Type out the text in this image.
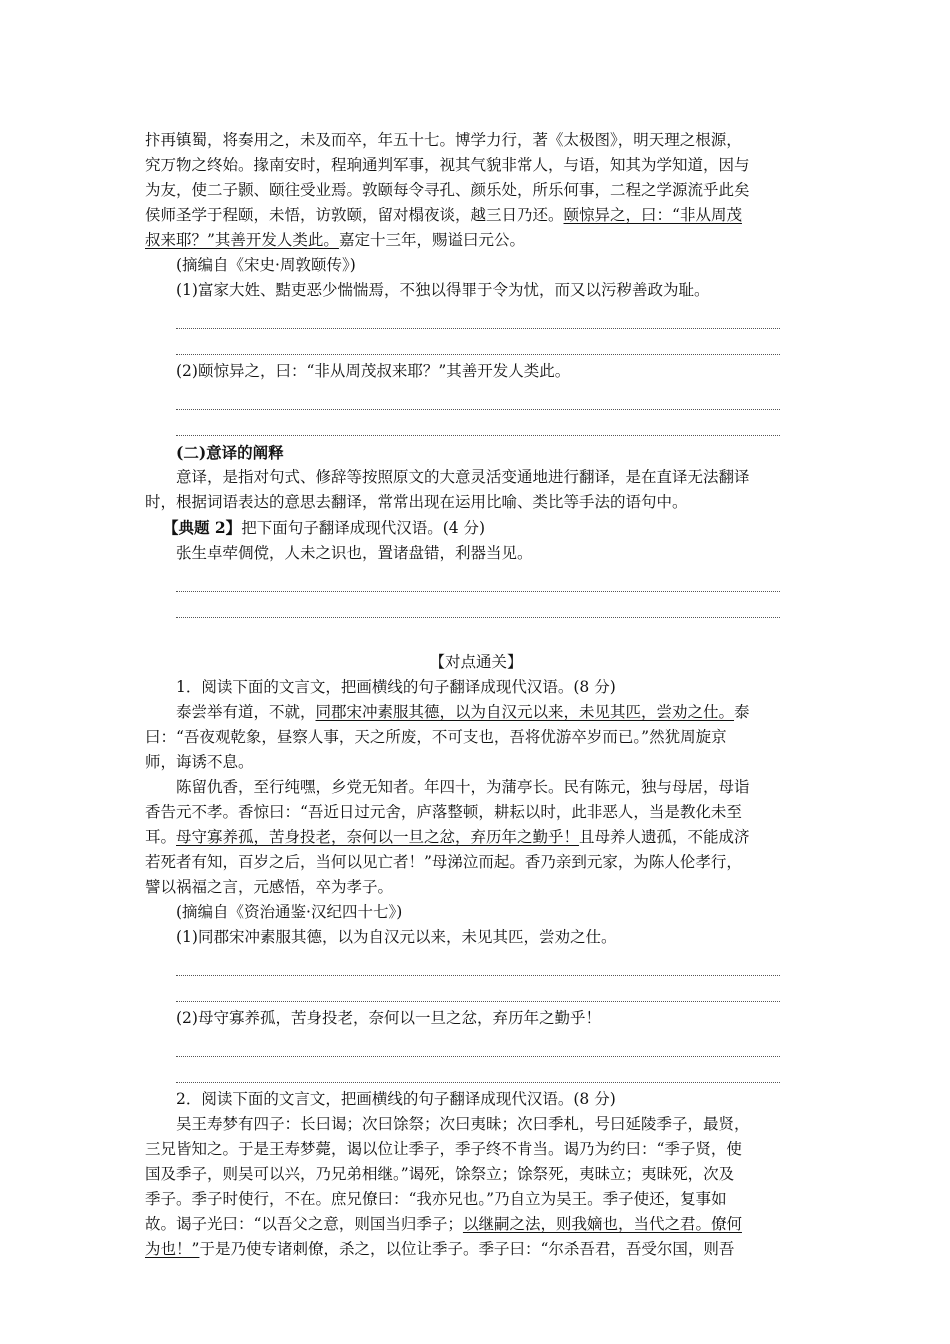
抃再镇蜀，将奏用之，未及而卒，年五十七。博学力行，著《太极图》，明天理之根源，

究万物之终始。掾南安时，程珦通判军事，视其气貌非常人，与语，知其为学知道，因与

为友，使二子颢、颐往受业焉。敦颐每令寻孔、颜乐处，所乐何事，二程之学源流乎此矣

侯师圣学于程颐，未悟，访敦颐，留对榻夜谈，越三日乃还。颐惊异之，曰：“非从周茂

叔来耶？”其善开发人类此。嘉定十三年，赐谥曰元公。

(摘编自《宋史·周敦颐传》)

(1)富家大姓、黠吏恶少惴惴焉，不独以得罪于令为忧，而又以污秽善政为耻。

(2)颐惊异之，曰：“非从周茂叔来耶？”其善开发人类此。

(二)意译的阐释

意译，是指对句式、修辞等按照原文的大意灵活变通地进行翻译，是在直译无法翻译

时，根据词语表达的意思去翻译，常常出现在运用比喻、类比等手法的语句中。

【典题 2】把下面句子翻译成现代汉语。(4 分)

张生卓荦倜傥，人未之识也，置诸盘错，利器当见。

【对点通关】

1．阅读下面的文言文，把画横线的句子翻译成现代汉语。(8 分)

泰尝举有道，不就，同郡宋冲素服其德，以为自汉元以来，未见其匹，尝劝之仕。泰

曰：“吾夜观乾象，昼察人事，天之所废，不可支也，吾将优游卒岁而已。”然犹周旋京

师，诲诱不息。

陈留仇香，至行纯嘿，乡党无知者。年四十，为蒲亭长。民有陈元，独与母居，母诣

香告元不孝。香惊曰：“吾近日过元舍，庐落整顿，耕耘以时，此非恶人，当是教化未至

耳。母守寡养孤，苦身投老，奈何以一旦之忿，弃历年之勤乎！且母养人遗孤，不能成济

若死者有知，百岁之后，当何以见亡者！”母涕泣而起。香乃亲到元家，为陈人伦孝行，

譬以祸福之言，元感悟，卒为孝子。

(摘编自《资治通鉴·汉纪四十七》)

(1)同郡宋冲素服其德，以为自汉元以来，未见其匹，尝劝之仕。

(2)母守寡养孤，苦身投老，奈何以一旦之忿，弃历年之勤乎！

2．阅读下面的文言文，把画横线的句子翻译成现代汉语。(8 分)

吴王寿梦有四子：长曰谒；次曰馀祭；次曰夷昧；次曰季札，号曰延陵季子，最贤，

三兄皆知之。于是王寿梦薨，谒以位让季子，季子终不肯当。谒乃为约曰：“季子贤，使

国及季子，则吴可以兴，乃兄弟相继。”谒死，馀祭立；馀祭死，夷昧立；夷昧死，次及

季子。季子时使行，不在。庶兄僚曰：“我亦兄也。”乃自立为吴王。季子使还，复事如

故。谒子光曰：“以吾父之意，则国当归季子；以继嗣之法，则我嫡也，当代之君。僚何

为也！”于是乃使专诸刺僚，杀之，以位让季子。季子曰：“尔杀吾君，吾受尔国，则吾
